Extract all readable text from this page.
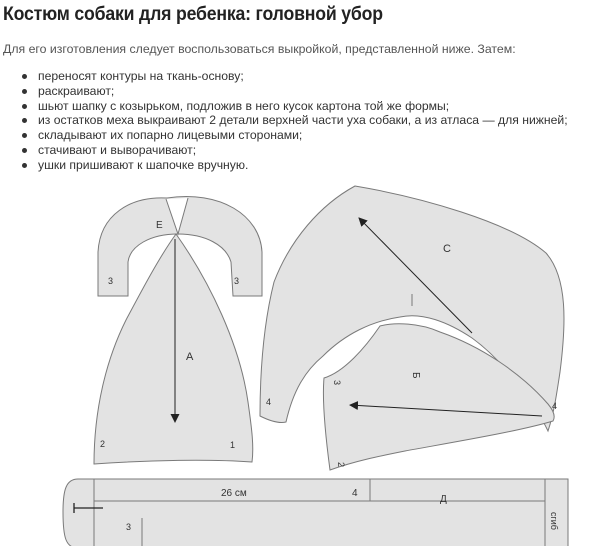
Костюм собаки для ребенка: головной убор

Для его изготовления следует воспользоваться выкройкой, представленной ниже. Затем:

переносят контуры на ткань-основу;
раскраивают;
шьют шапку с козырьком, подложив в него кусок картона той же формы;
из остатков меха выкраивают 2 детали верхней части уха собаки, а из атласа — для нижней;
складывают их попарно лицевыми сторонами;
стачивают и выворачивают;
ушки пришивают к шапочке вручную.
С
4
Б
3
2
4
Е
3	3
А
2	1
26 см	4
Д
3	сгиб
